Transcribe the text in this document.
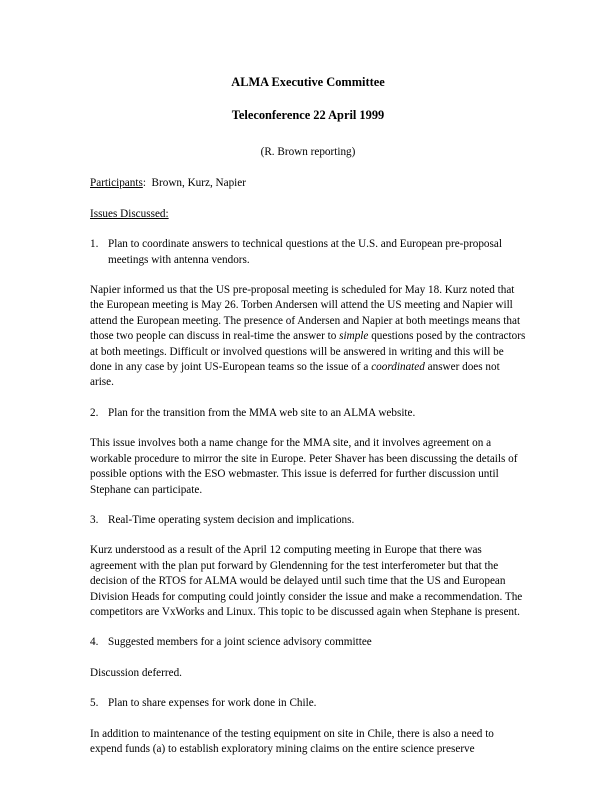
ALMA Executive Committee
Teleconference 22 April 1999
(R. Brown reporting)

Participants:  Brown, Kurz, Napier

Issues Discussed:

1. Plan to coordinate answers to technical questions at the U.S. and European pre-proposal meetings with antenna vendors.

Napier informed us that the US pre-proposal meeting is scheduled for May 18. Kurz noted that the European meeting is May 26. Torben Andersen will attend the US meeting and Napier will attend the European meeting. The presence of Andersen and Napier at both meetings means that those two people can discuss in real-time the answer to simple questions posed by the contractors at both meetings. Difficult or involved questions will be answered in writing and this will be done in any case by joint US-European teams so the issue of a coordinated answer does not arise.

2. Plan for the transition from the MMA web site to an ALMA website.

This issue involves both a name change for the MMA site, and it involves agreement on a workable procedure to mirror the site in Europe. Peter Shaver has been discussing the details of possible options with the ESO webmaster. This issue is deferred for further discussion until Stephane can participate.

3. Real-Time operating system decision and implications.

Kurz understood as a result of the April 12 computing meeting in Europe that there was agreement with the plan put forward by Glendenning for the test interferometer but that the decision of the RTOS for ALMA would be delayed until such time that the US and European Division Heads for computing could jointly consider the issue and make a recommendation. The competitors are VxWorks and Linux. This topic to be discussed again when Stephane is present.

4. Suggested members for a joint science advisory committee

Discussion deferred.

5. Plan to share expenses for work done in Chile.

In addition to maintenance of the testing equipment on site in Chile, there is also a need to expend funds (a) to establish exploratory mining claims on the entire science preserve
